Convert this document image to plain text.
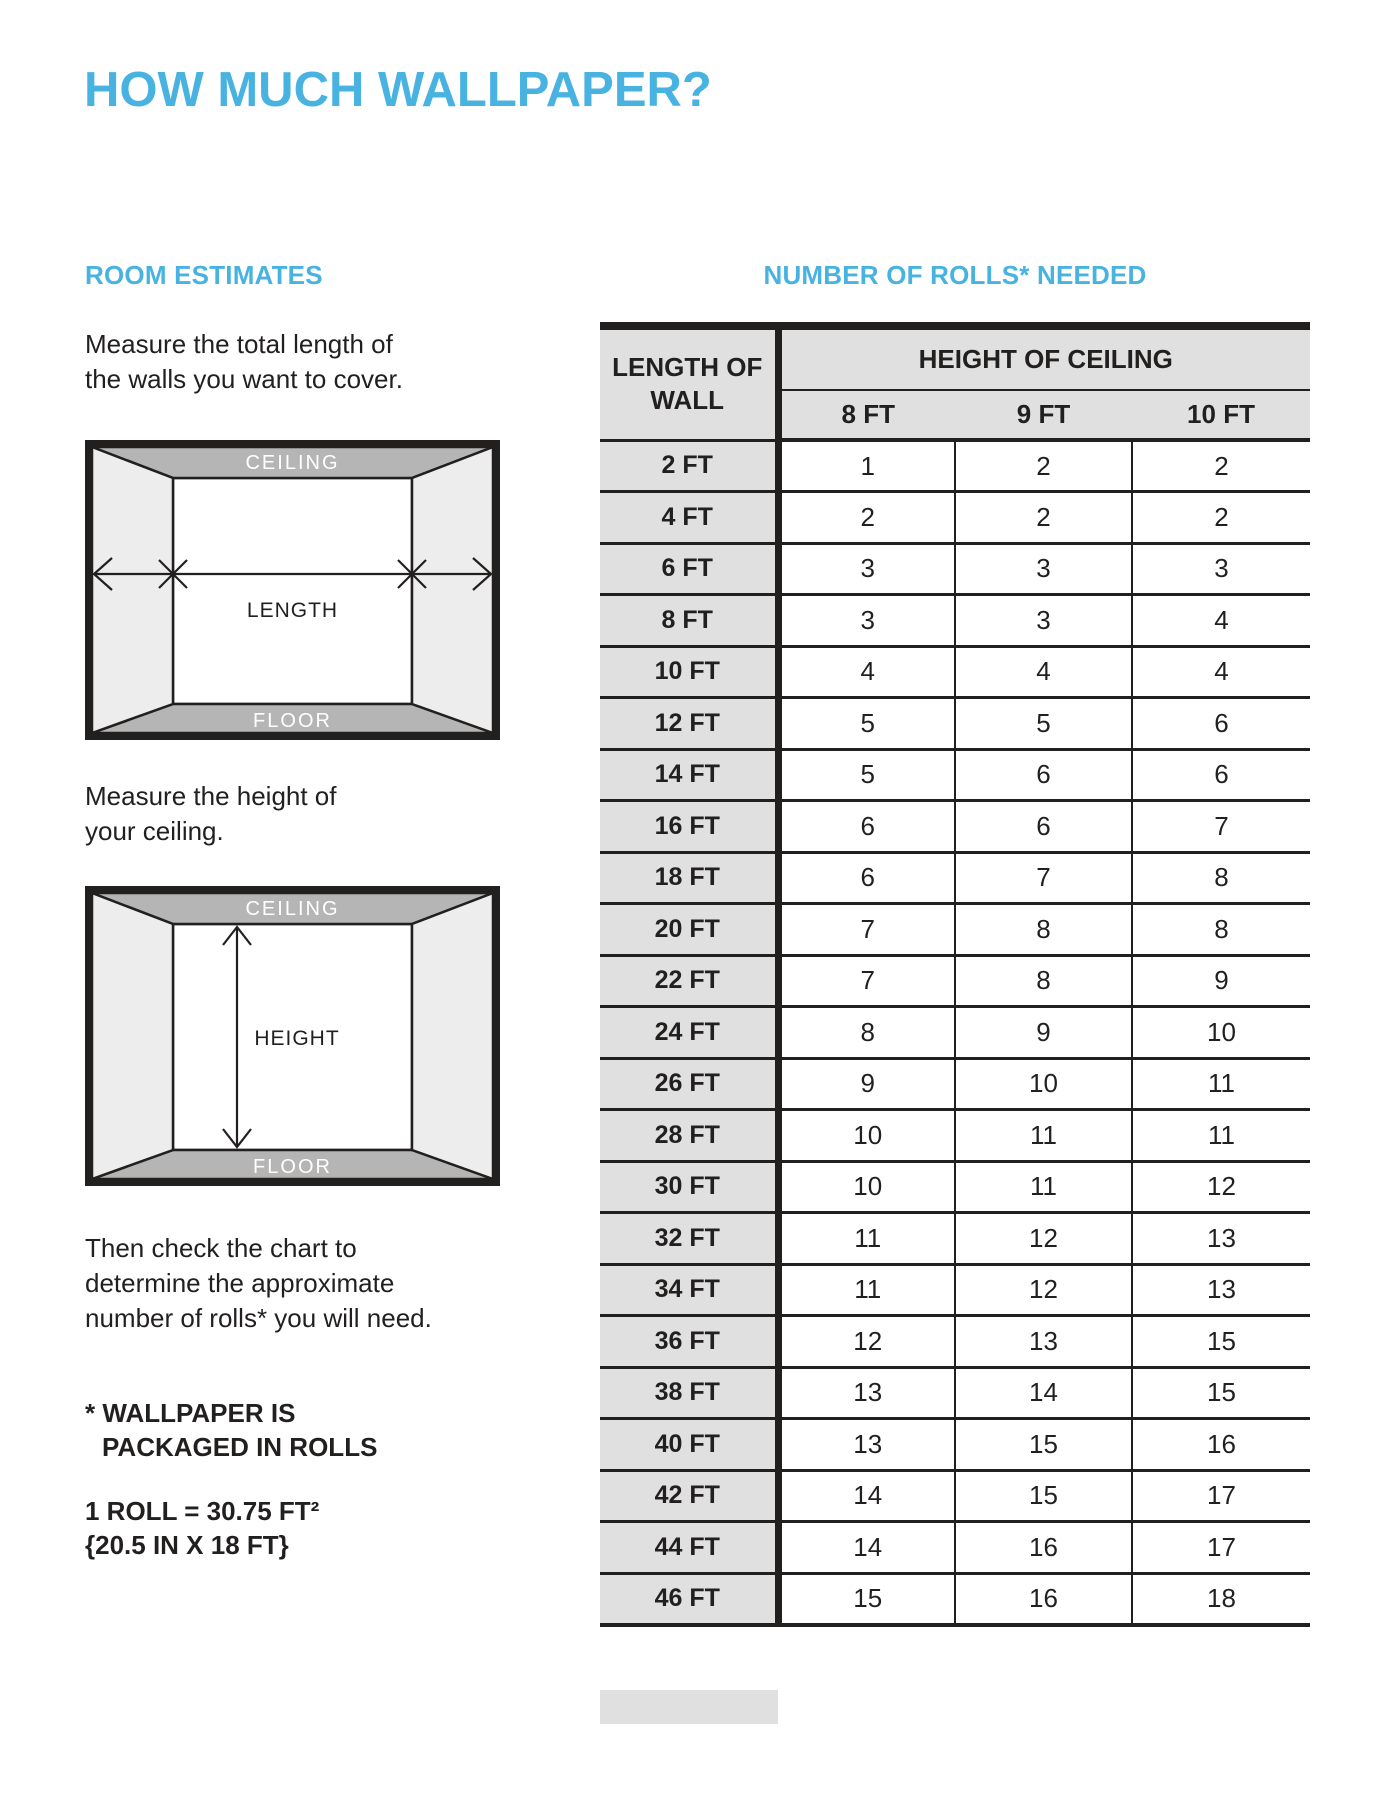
HOW MUCH WALLPAPER?
ROOM ESTIMATES
Measure the total length of
the walls you want to cover.
CEILING
FLOOR
LENGTH
Measure the height of
your ceiling.
CEILING
FLOOR
HEIGHT
Then check the chart to
determine the approximate
number of rolls* you will need.
* WALLPAPER IS
PACKAGED IN ROLLS
1 ROLL = 30.75 FT²
{20.5 IN X 18 FT}
NUMBER OF ROLLS* NEEDED
LENGTH OF WALL	HEIGHT OF CEILING		
	8 FT	9 FT	10 FT
2 FT	1	2	2
4 FT	2	2	2
6 FT	3	3	3
8 FT	3	3	4
10 FT	4	4	4
12 FT	5	5	6
14 FT	5	6	6
16 FT	6	6	7
18 FT	6	7	8
20 FT	7	8	8
22 FT	7	8	9
24 FT	8	9	10
26 FT	9	10	11
28 FT	10	11	11
30 FT	10	11	12
32 FT	11	12	13
34 FT	11	12	13
36 FT	12	13	15
38 FT	13	14	15
40 FT	13	15	16
42 FT	14	15	17
44 FT	14	16	17
46 FT	15	16	18
